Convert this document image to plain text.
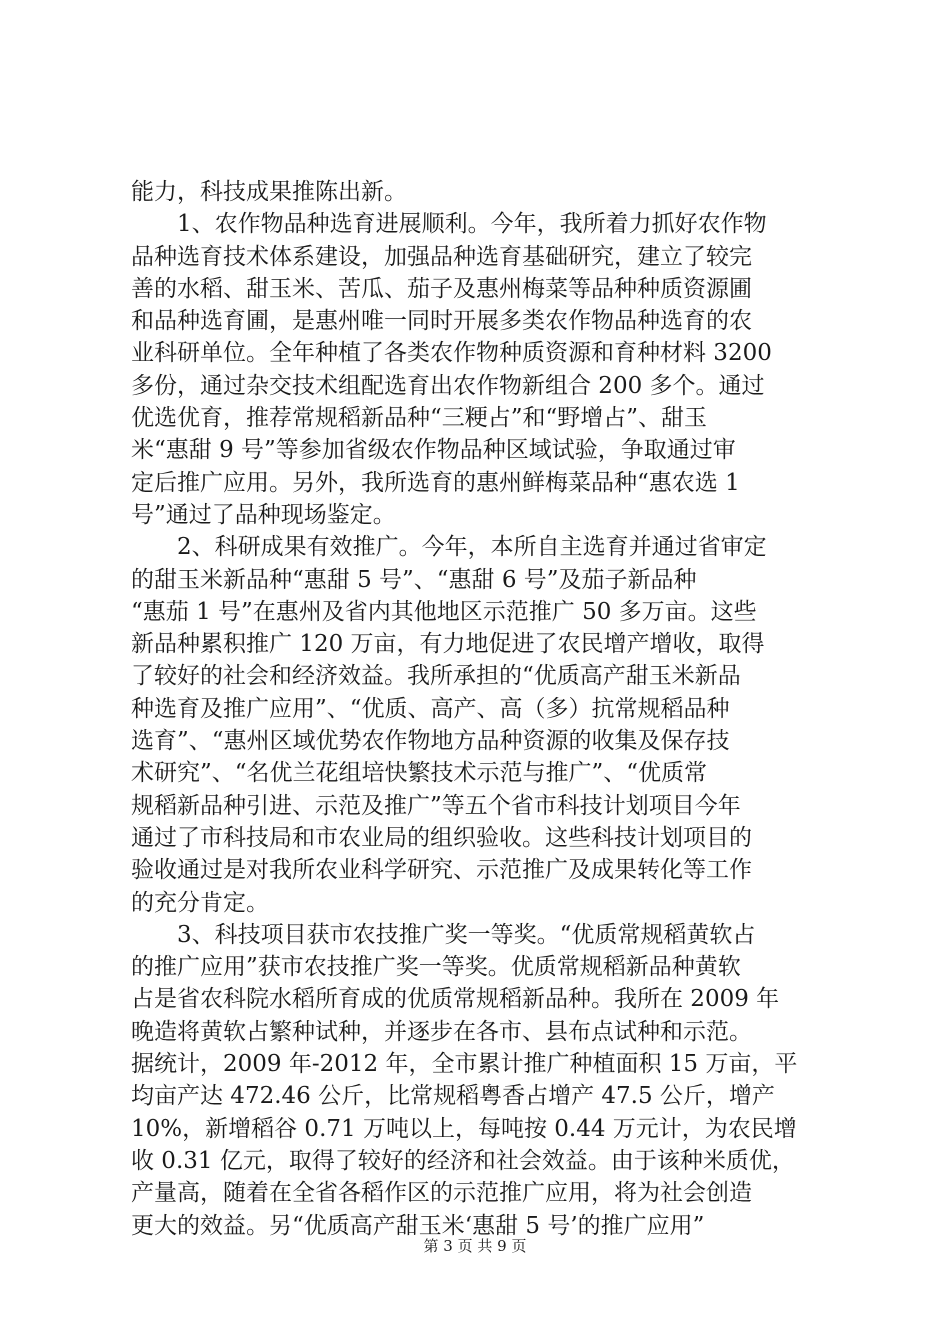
能力，科技成果推陈出新。
1、农作物品种选育进展顺利。今年，我所着力抓好农作物
品种选育技术体系建设，加强品种选育基础研究，建立了较完
善的水稻、甜玉米、苦瓜、茄子及惠州梅菜等品种种质资源圃
和品种选育圃，是惠州唯一同时开展多类农作物品种选育的农
业科研单位。全年种植了各类农作物种质资源和育种材料 3200
多份，通过杂交技术组配选育出农作物新组合 200 多个。通过
优选优育，推荐常规稻新品种“三粳占”和“野增占”、甜玉
米“惠甜 9 号”等参加省级农作物品种区域试验，争取通过审
定后推广应用。另外，我所选育的惠州鲜梅菜品种“惠农选 1
号”通过了品种现场鉴定。
2、科研成果有效推广。今年，本所自主选育并通过省审定
的甜玉米新品种“惠甜 5 号”、“惠甜 6 号”及茄子新品种
“惠茄 1 号”在惠州及省内其他地区示范推广 50 多万亩。这些
新品种累积推广 120 万亩，有力地促进了农民增产增收，取得
了较好的社会和经济效益。我所承担的“优质高产甜玉米新品
种选育及推广应用”、“优质、高产、高（多）抗常规稻品种
选育”、“惠州区域优势农作物地方品种资源的收集及保存技
术研究”、“名优兰花组培快繁技术示范与推广”、“优质常
规稻新品种引进、示范及推广”等五个省市科技计划项目今年
通过了市科技局和市农业局的组织验收。这些科技计划项目的
验收通过是对我所农业科学研究、示范推广及成果转化等工作
的充分肯定。
3、科技项目获市农技推广奖一等奖。“优质常规稻黄软占
的推广应用”获市农技推广奖一等奖。优质常规稻新品种黄软
占是省农科院水稻所育成的优质常规稻新品种。我所在 2009 年
晚造将黄软占繁种试种，并逐步在各市、县布点试种和示范。
据统计，2009 年-2012 年，全市累计推广种植面积 15 万亩，平
均亩产达 472.46 公斤，比常规稻粤香占增产 47.5 公斤，增产
10%，新增稻谷 0.71 万吨以上，每吨按 0.44 万元计，为农民增
收 0.31 亿元，取得了较好的经济和社会效益。由于该种米质优，
产量高，随着在全省各稻作区的示范推广应用，将为社会创造
更大的效益。另“优质高产甜玉米‘惠甜 5 号’的推广应用”
第 3 页 共 9 页
